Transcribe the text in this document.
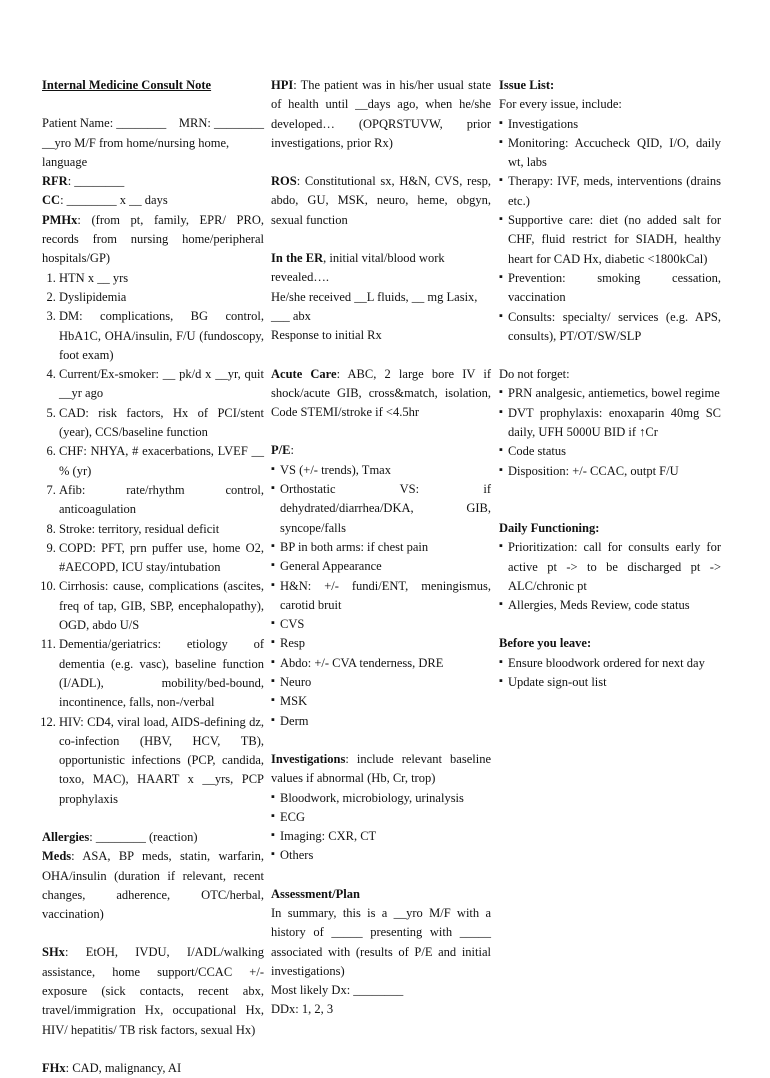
Internal Medicine Consult Note
Patient Name: ________ MRN: ________
__yro M/F from home/nursing home, language
RFR: ________
CC: ________ x __ days
PMHx: (from pt, family, EPR/ PRO, records from nursing home/peripheral hospitals/GP)
1. HTN x __ yrs
2. Dyslipidemia
3. DM: complications, BG control, HbA1C, OHA/insulin, F/U (fundoscopy, foot exam)
4. Current/Ex-smoker: __ pk/d x __yr, quit __yr ago
5. CAD: risk factors, Hx of PCI/stent (year), CCS/baseline function
6. CHF: NHYA, # exacerbations, LVEF __ % (yr)
7. Afib: rate/rhythm control, anticoagulation
8. Stroke: territory, residual deficit
9. COPD: PFT, prn puffer use, home O2, #AECOPD, ICU stay/intubation
10. Cirrhosis: cause, complications (ascites, freq of tap, GIB, SBP, encephalopathy), OGD, abdo U/S
11. Dementia/geriatrics: etiology of dementia (e.g. vasc), baseline function (I/ADL), mobility/bed-bound, incontinence, falls, non-/verbal
12. HIV: CD4, viral load, AIDS-defining dz, co-infection (HBV, HCV, TB), opportunistic infections (PCP, candida, toxo, MAC), HAART x __yrs, PCP prophylaxis
Allergies: ________ (reaction)
Meds: ASA, BP meds, statin, warfarin, OHA/insulin (duration if relevant, recent changes, adherence, OTC/herbal, vaccination)
SHx: EtOH, IVDU, I/ADL/walking assistance, home support/CCAC +/- exposure (sick contacts, recent abx, travel/immigration Hx, occupational Hx, HIV/ hepatitis/ TB risk factors, sexual Hx)
FHx: CAD, malignancy, AI
HPI: The patient was in his/her usual state of health until __days ago, when he/she developed… (OPQRSTUVW, prior investigations, prior Rx)
ROS: Constitutional sx, H&N, CVS, resp, abdo, GU, MSK, neuro, heme, obgyn, sexual function
In the ER, initial vital/blood work revealed….
He/she received __L fluids, __ mg Lasix, ___ abx
Response to initial Rx
Acute Care: ABC, 2 large bore IV if shock/acute GIB, cross&match, isolation, Code STEMI/stroke if <4.5hr
P/E:
▪ VS (+/- trends), Tmax
▪ Orthostatic VS: if dehydrated/diarrhea/DKA, GIB, syncope/falls
▪ BP in both arms: if chest pain
▪ General Appearance
▪ H&N: +/- fundi/ENT, meningismus, carotid bruit
▪ CVS
▪ Resp
▪ Abdo: +/- CVA tenderness, DRE
▪ Neuro
▪ MSK
▪ Derm
Investigations: include relevant baseline values if abnormal (Hb, Cr, trop)
▪ Bloodwork, microbiology, urinalysis
▪ ECG
▪ Imaging: CXR, CT
▪ Others
Assessment/Plan
In summary, this is a __yro M/F with a history of _____ presenting with _____ associated with (results of P/E and initial investigations)
Most likely Dx: ________
DDx: 1, 2, 3
Issue List:
For every issue, include:
▪ Investigations
▪ Monitoring: Accucheck QID, I/O, daily wt, labs
▪ Therapy: IVF, meds, interventions (drains etc.)
▪ Supportive care: diet (no added salt for CHF, fluid restrict for SIADH, healthy heart for CAD Hx, diabetic <1800kCal)
▪ Prevention: smoking cessation, vaccination
▪ Consults: specialty/ services (e.g. APS, consults), PT/OT/SW/SLP
Do not forget:
▪ PRN analgesic, antiemetics, bowel regime
▪ DVT prophylaxis: enoxaparin 40mg SC daily, UFH 5000U BID if ↑Cr
▪ Code status
▪ Disposition: +/- CCAC, outpt F/U
Daily Functioning:
▪ Prioritization: call for consults early for active pt -> to be discharged pt -> ALC/chronic pt
▪ Allergies, Meds Review, code status
Before you leave:
▪ Ensure bloodwork ordered for next day
▪ Update sign-out list
